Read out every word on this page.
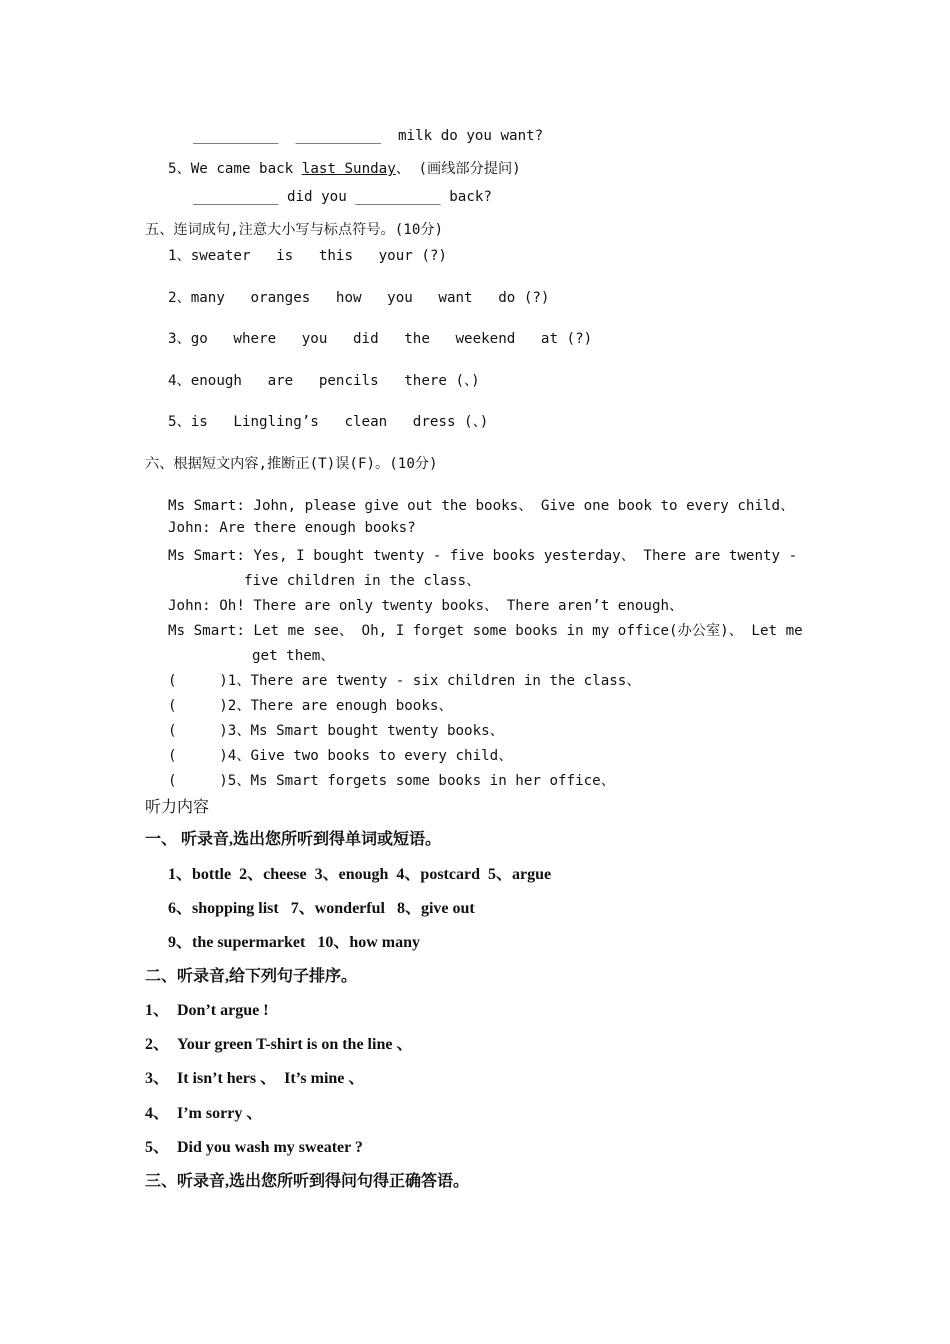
__________  __________  milk do you want?
5、We came back last Sunday、 (画线部分提问)
__________ did you __________ back?
五、连词成句,注意大小写与标点符号。(10分)
1、sweater   is   this   your (?)
2、many   oranges   how   you   want   do (?)
3、go   where   you   did   the   weekend   at (?)
4、enough   are   pencils   there (、)
5、is   Lingling’s   clean   dress (、)
六、根据短文内容,推断正(T)误(F)。(10分)
Ms Smart: John, please give out the books、 Give one book to every child、
John: Are there enough books?
Ms Smart: Yes, I bought twenty - five books yesterday、 There are twenty -
five children in the class、
John: Oh! There are only twenty books、 There aren’t enough、
Ms Smart: Let me see、 Oh, I forget some books in my office(办公室)、 Let me
get them、
(     )1、There are twenty - six children in the class、
(     )2、There are enough books、
(     )3、Ms Smart bought twenty books、
(     )4、Give two books to every child、
(     )5、Ms Smart forgets some books in her office、
听力内容
一、 听录音,选出您所听到得单词或短语。
1、bottle  2、cheese  3、enough  4、postcard  5、argue
6、shopping list   7、wonderful   8、give out
9、the supermarket   10、how many
二、听录音,给下列句子排序。
1、  Don’t argue !
2、  Your green T-shirt is on the line 、
3、  It isn’t hers 、  It’s mine 、
4、  I’m sorry 、
5、  Did you wash my sweater ?
三、听录音,选出您所听到得问句得正确答语。
